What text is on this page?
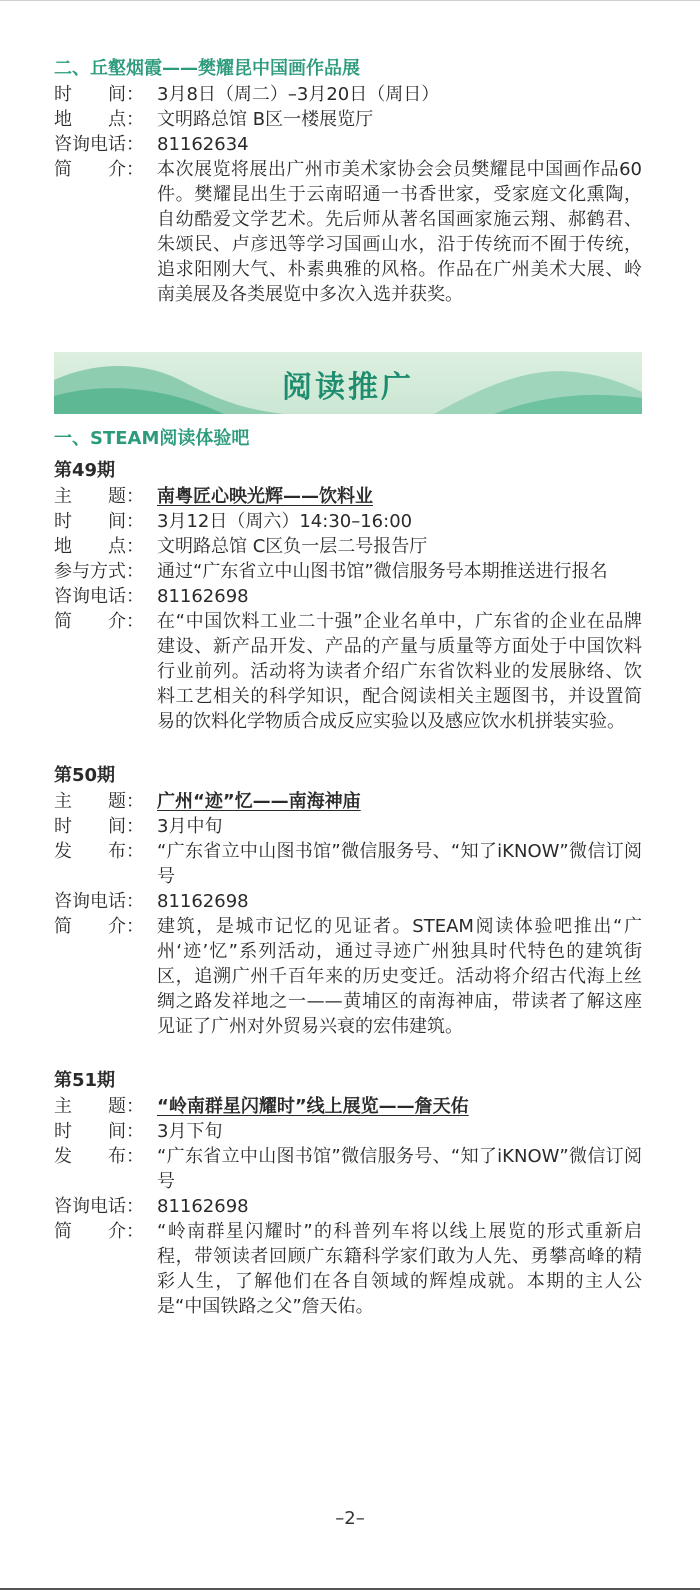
二、丘壑烟霞——樊耀昆中国画作品展
时　　间： 3月8日（周二）–3月20日（周日）
地　　点： 文明路总馆 B区一楼展览厅
咨询电话： 81162634
简　　介： 本次展览将展出广州市美术家协会会员樊耀昆中国画作品60件。樊耀昆出生于云南昭通一书香世家，受家庭文化熏陶，自幼酷爱文学艺术。先后师从著名国画家施云翔、郝鹤君、朱颂民、卢彦迅等学习国画山水，沿于传统而不囿于传统，追求阳刚大气、朴素典雅的风格。作品在广州美术大展、岭南美展及各类展览中多次入选并获奖。
阅读推广
一、STEAM阅读体验吧
第49期
主　　题： 南粤匠心映光辉——饮料业
时　　间： 3月12日（周六）14:30–16:00
地　　点： 文明路总馆 C区负一层二号报告厅
参与方式： 通过“广东省立中山图书馆”微信服务号本期推送进行报名
咨询电话： 81162698
简　　介： 在“中国饮料工业二十强”企业名单中，广东省的企业在品牌建设、新产品开发、产品的产量与质量等方面处于中国饮料行业前列。活动将为读者介绍广东省饮料业的发展脉络、饮料工艺相关的科学知识，配合阅读相关主题图书，并设置简易的饮料化学物质合成反应实验以及感应饮水机拼装实验。
第50期
主　　题： 广州“迹”忆——南海神庙
时　　间： 3月中旬
发　　布： “广东省立中山图书馆”微信服务号、“知了iKNOW”微信订阅号
咨询电话： 81162698
简　　介： 建筑，是城市记忆的见证者。STEAM阅读体验吧推出“广州‘迹’忆”系列活动，通过寻迹广州独具时代特色的建筑街区，追溯广州千百年来的历史变迁。活动将介绍古代海上丝绸之路发祥地之一——黄埔区的南海神庙，带读者了解这座见证了广州对外贸易兴衰的宏伟建筑。
第51期
主　　题： “岭南群星闪耀时”线上展览——詹天佑
时　　间： 3月下旬
发　　布： “广东省立中山图书馆”微信服务号、“知了iKNOW”微信订阅号
咨询电话： 81162698
简　　介： “岭南群星闪耀时”的科普列车将以线上展览的形式重新启程，带领读者回顾广东籍科学家们敢为人先、勇攀高峰的精彩人生，了解他们在各自领域的辉煌成就。本期的主人公是“中国铁路之父”詹天佑。
–2–
